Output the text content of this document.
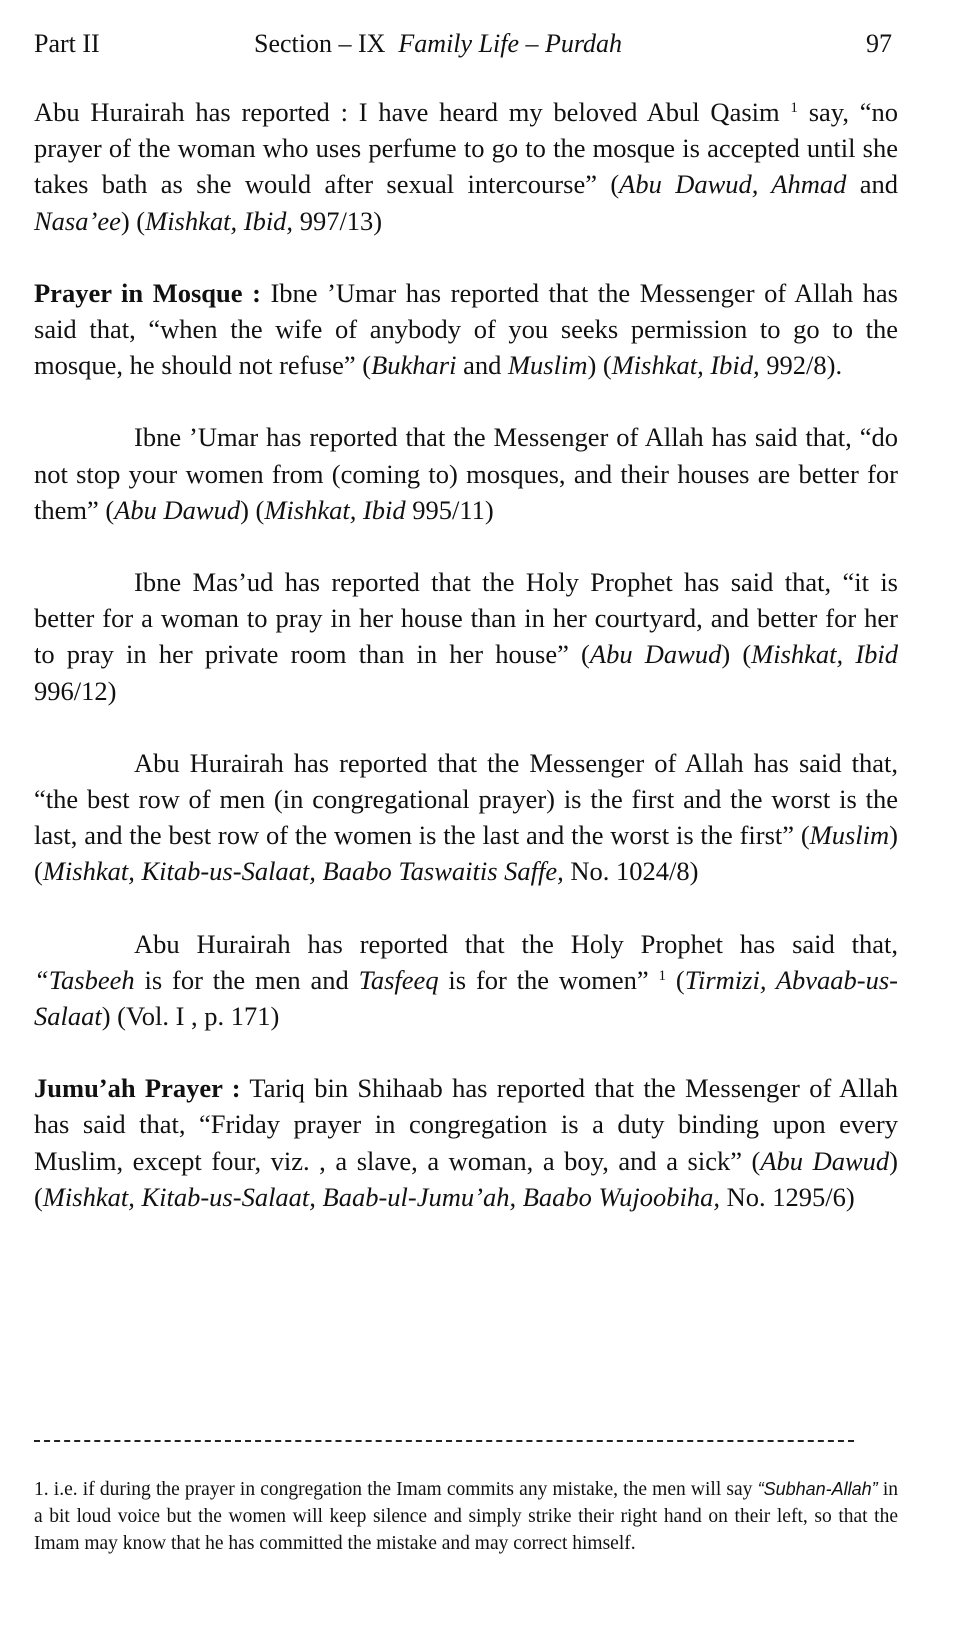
Part II	Section – IX Family Life – Purdah	97

Abu Hurairah has reported : I have heard my beloved Abul Qasim $^1$ say, “no prayer of the woman who uses perfume to go to the mosque is accepted until she takes bath as she would after sexual intercourse” (Abu Dawud, Ahmad and Nasa’ee) (Mishkat, Ibid, 997/13)

Prayer in Mosque : Ibne ’Umar has reported that the Messenger of Allah has said that, “when the wife of anybody of you seeks permission to go to the mosque, he should not refuse” (Bukhari and Muslim) (Mishkat, Ibid, 992/8).

Ibne ’Umar has reported that the Messenger of Allah has said that, “do not stop your women from (coming to) mosques, and their houses are better for them” (Abu Dawud) (Mishkat, Ibid 995/11)

Ibne Mas’ud has reported that the Holy Prophet has said that, “it is better for a woman to pray in her house than in her courtyard, and better for her to pray in her private room than in her house” (Abu Dawud) (Mishkat, Ibid 996/12)

Abu Hurairah has reported that the Messenger of Allah has said that, “the best row of men (in congregational prayer) is the first and the worst is the last, and the best row of the women is the last and the worst is the first” (Muslim) (Mishkat, Kitab-us-Salaat, Baabo Taswaitis Saffe, No. 1024/8)

Abu Hurairah has reported that the Holy Prophet has said that, “Tasbeeh is for the men and Tasfeeq is for the women” $^1$ (Tirmizi, Abvaab-us-Salaat) (Vol. I , p. 171)

Jumu’ah Prayer : Tariq bin Shihaab has reported that the Messenger of Allah has said that, “Friday prayer in congregation is a duty binding upon every Muslim, except four, viz. , a slave, a woman, a boy, and a sick” (Abu Dawud) (Mishkat, Kitab-us-Salaat, Baab-ul-Jumu’ah, Baabo Wujoobiha, No. 1295/6)

1. i.e. if during the prayer in congregation the Imam commits any mistake, the men will say “Subhan-Allah” in a bit loud voice but the women will keep silence and simply strike their right hand on their left, so that the Imam may know that he has committed the mistake and may correct himself.
